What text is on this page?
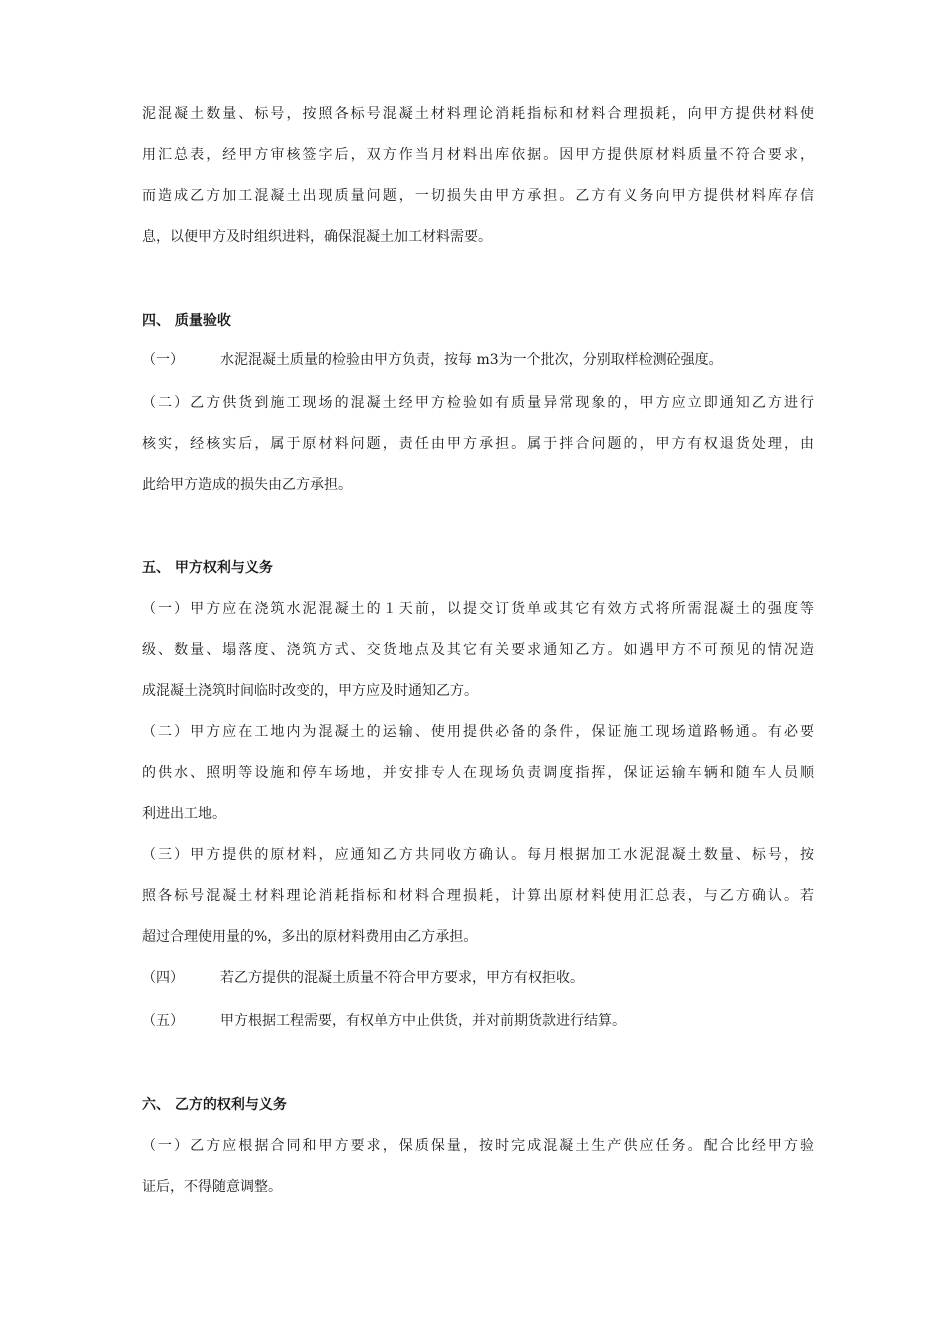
泥混凝土数量、标号，按照各标号混凝土材料理论消耗指标和材料合理损耗，向甲方提供材料使
用汇总表，经甲方审核签字后，双方作当月材料出库依据。因甲方提供原材料质量不符合要求，
而造成乙方加工混凝土出现质量问题，一切损失由甲方承担。乙方有义务向甲方提供材料库存信
息，以便甲方及时组织进料，确保混凝土加工材料需要。
四、 质量验收
（一）	水泥混凝土质量的检验由甲方负责，按每 m3为一个批次，分别取样检测砼强度。
（二）乙方供货到施工现场的混凝土经甲方检验如有质量异常现象的，甲方应立即通知乙方进行
核实，经核实后，属于原材料问题，责任由甲方承担。属于拌合问题的，甲方有权退货处理，由
此给甲方造成的损失由乙方承担。
五、 甲方权利与义务
（一）甲方应在浇筑水泥混凝土的１天前，以提交订货单或其它有效方式将所需混凝土的强度等
级、数量、塌落度、浇筑方式、交货地点及其它有关要求通知乙方。如遇甲方不可预见的情况造
成混凝土浇筑时间临时改变的，甲方应及时通知乙方。
（二）甲方应在工地内为混凝土的运输、使用提供必备的条件，保证施工现场道路畅通。有必要
的供水、照明等设施和停车场地，并安排专人在现场负责调度指挥，保证运输车辆和随车人员顺
利进出工地。
（三）甲方提供的原材料，应通知乙方共同收方确认。每月根据加工水泥混凝土数量、标号，按
照各标号混凝土材料理论消耗指标和材料合理损耗，计算出原材料使用汇总表，与乙方确认。若
超过合理使用量的%，多出的原材料费用由乙方承担。
（四）	若乙方提供的混凝土质量不符合甲方要求，甲方有权拒收。
（五）	甲方根据工程需要，有权单方中止供货，并对前期货款进行结算。
六、 乙方的权利与义务
（一）乙方应根据合同和甲方要求，保质保量，按时完成混凝土生产供应任务。配合比经甲方验
证后，不得随意调整。
